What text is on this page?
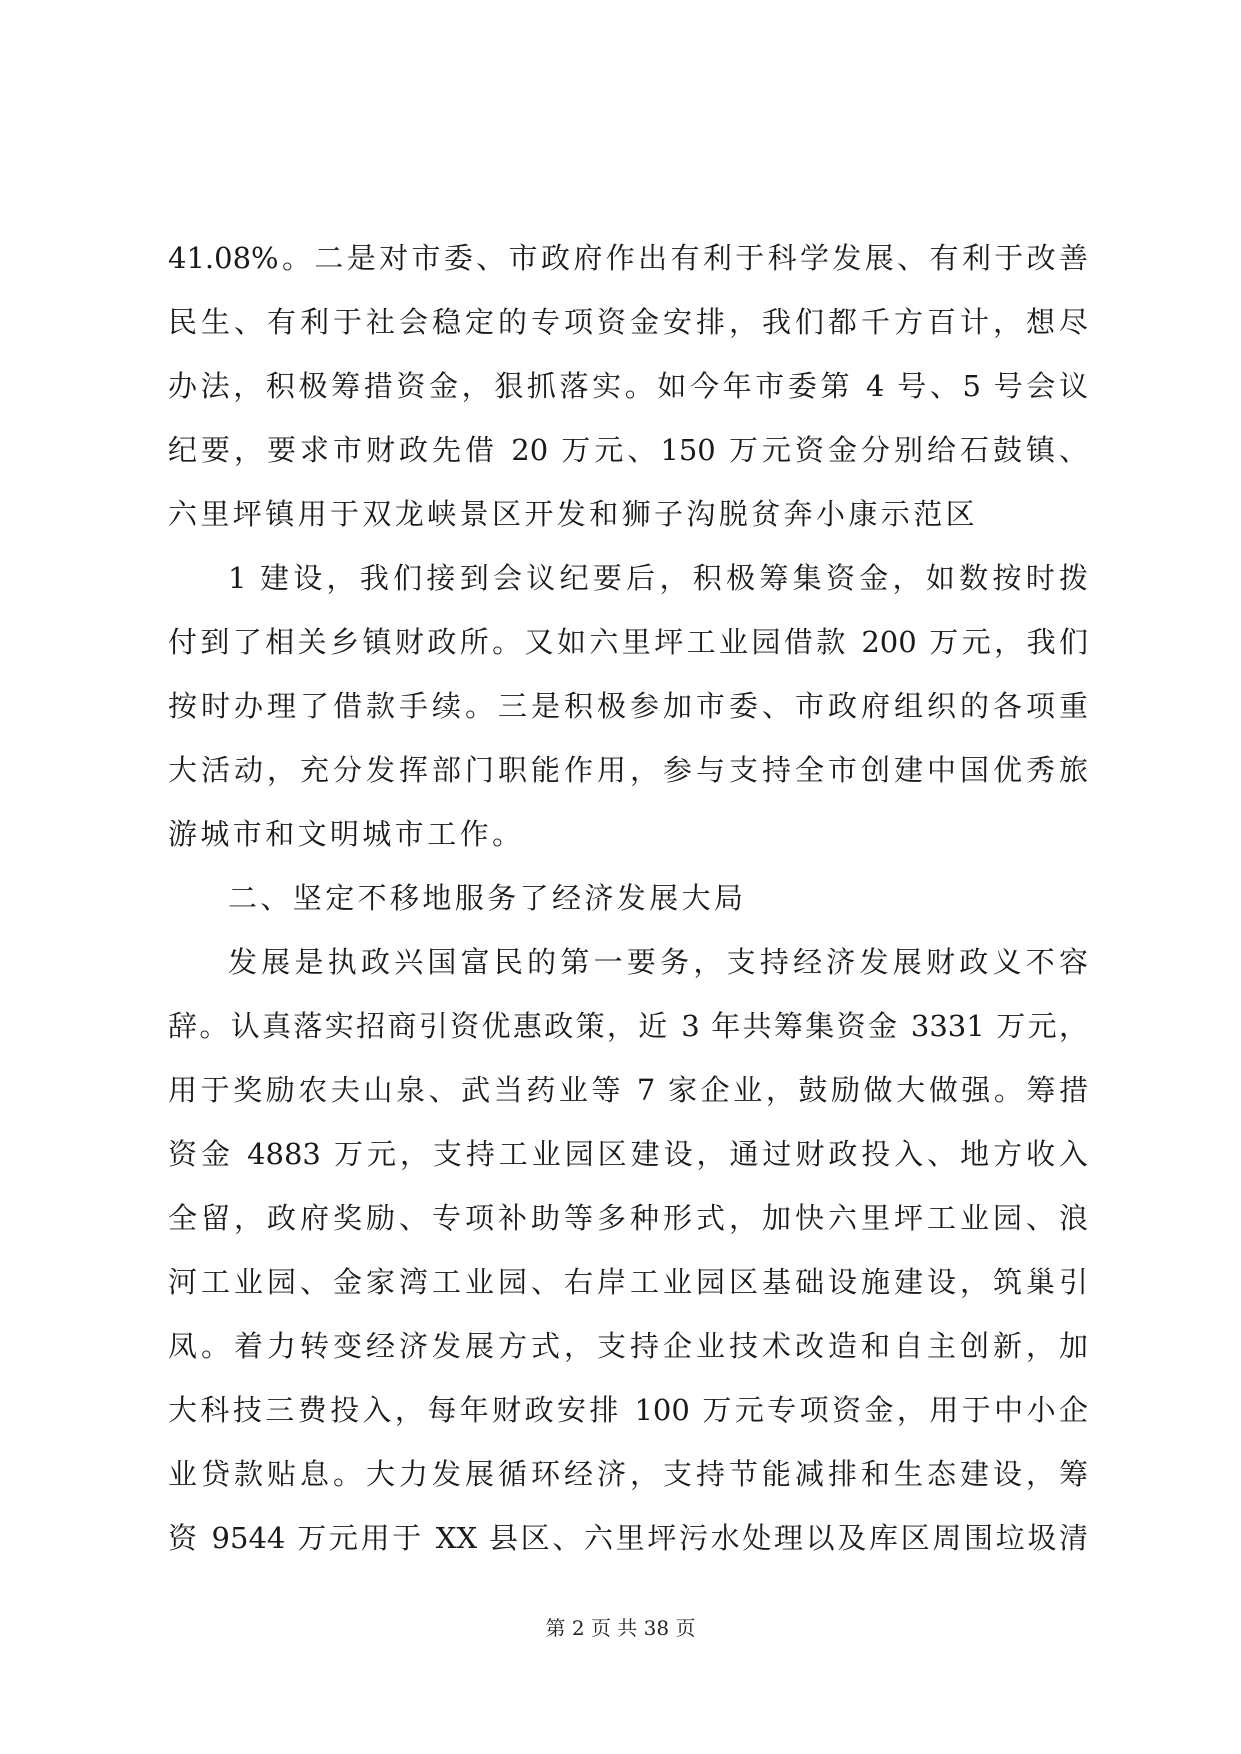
41.08%。二是对市委、市政府作出有利于科学发展、有利于改善
民生、有利于社会稳定的专项资金安排，我们都千方百计，想尽
办法，积极筹措资金，狠抓落实。如今年市委第 4 号、5 号会议
纪要，要求市财政先借 20 万元、150 万元资金分别给石鼓镇、
六里坪镇用于双龙峡景区开发和狮子沟脱贫奔小康示范区
1 建设，我们接到会议纪要后，积极筹集资金，如数按时拨
付到了相关乡镇财政所。又如六里坪工业园借款 200 万元，我们
按时办理了借款手续。三是积极参加市委、市政府组织的各项重
大活动，充分发挥部门职能作用，参与支持全市创建中国优秀旅
游城市和文明城市工作。
二、坚定不移地服务了经济发展大局
发展是执政兴国富民的第一要务，支持经济发展财政义不容
辞。认真落实招商引资优惠政策，近 3 年共筹集资金 3331 万元，
用于奖励农夫山泉、武当药业等 7 家企业，鼓励做大做强。筹措
资金 4883 万元，支持工业园区建设，通过财政投入、地方收入
全留，政府奖励、专项补助等多种形式，加快六里坪工业园、浪
河工业园、金家湾工业园、右岸工业园区基础设施建设，筑巢引
凤。着力转变经济发展方式，支持企业技术改造和自主创新，加
大科技三费投入，每年财政安排 100 万元专项资金，用于中小企
业贷款贴息。大力发展循环经济，支持节能减排和生态建设，筹
资 9544 万元用于 XX 县区、六里坪污水处理以及库区周围垃圾清
第 2 页 共 38 页
